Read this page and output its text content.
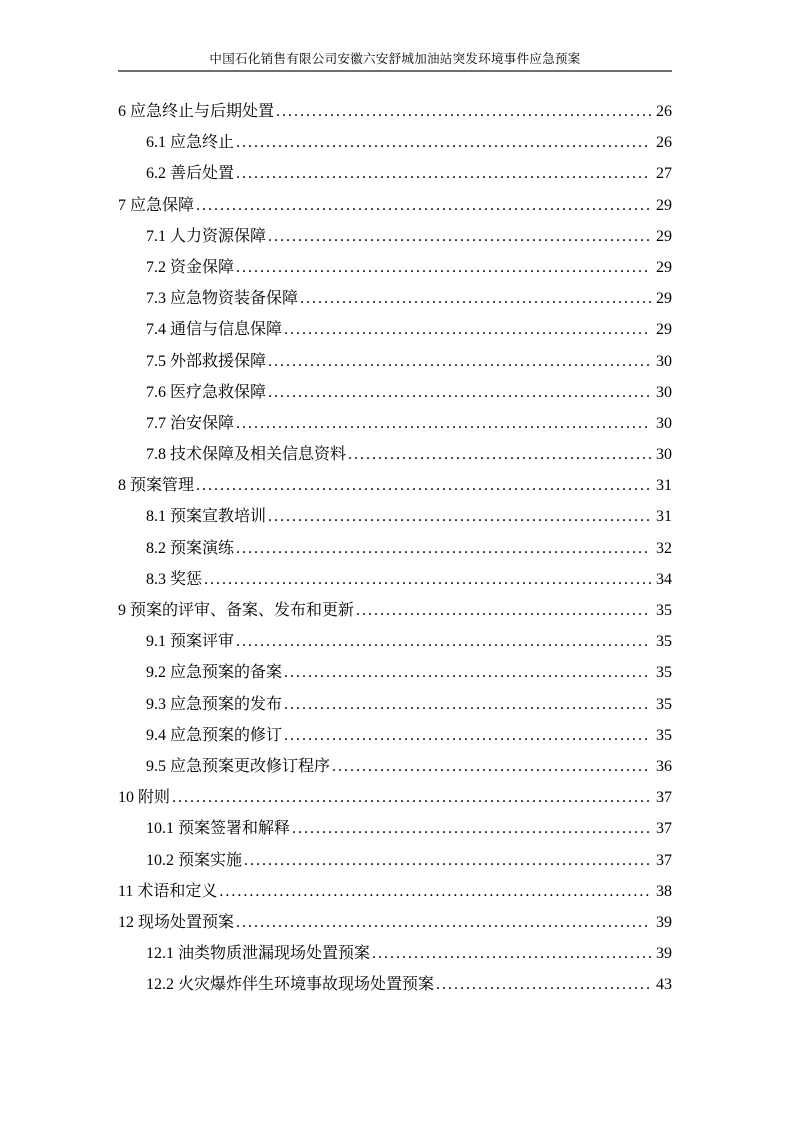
中国石化销售有限公司安徽六安舒城加油站突发环境事件应急预案
6 应急终止与后期处置 .....	26
6.1 应急终止 .....	26
6.2 善后处置 .....	27
7 应急保障 .....	29
7.1 人力资源保障 .....	29
7.2 资金保障 .....	29
7.3 应急物资装备保障 .....	29
7.4 通信与信息保障 .....	29
7.5 外部救援保障 .....	30
7.6 医疗急救保障 .....	30
7.7 治安保障 .....	30
7.8 技术保障及相关信息资料 .....	30
8 预案管理 .....	31
8.1 预案宣教培训 .....	31
8.2 预案演练 .....	32
8.3 奖惩 .....	34
9 预案的评审、备案、发布和更新 .....	35
9.1 预案评审 .....	35
9.2 应急预案的备案 .....	35
9.3 应急预案的发布 .....	35
9.4 应急预案的修订 .....	35
9.5 应急预案更改修订程序 .....	36
10 附则 .....	37
10.1 预案签署和解释 .....	37
10.2 预案实施 .....	37
11 术语和定义 .....	38
12 现场处置预案 .....	39
12.1 油类物质泄漏现场处置预案 .....	39
12.2 火灾爆炸伴生环境事故现场处置预案 .....	43
